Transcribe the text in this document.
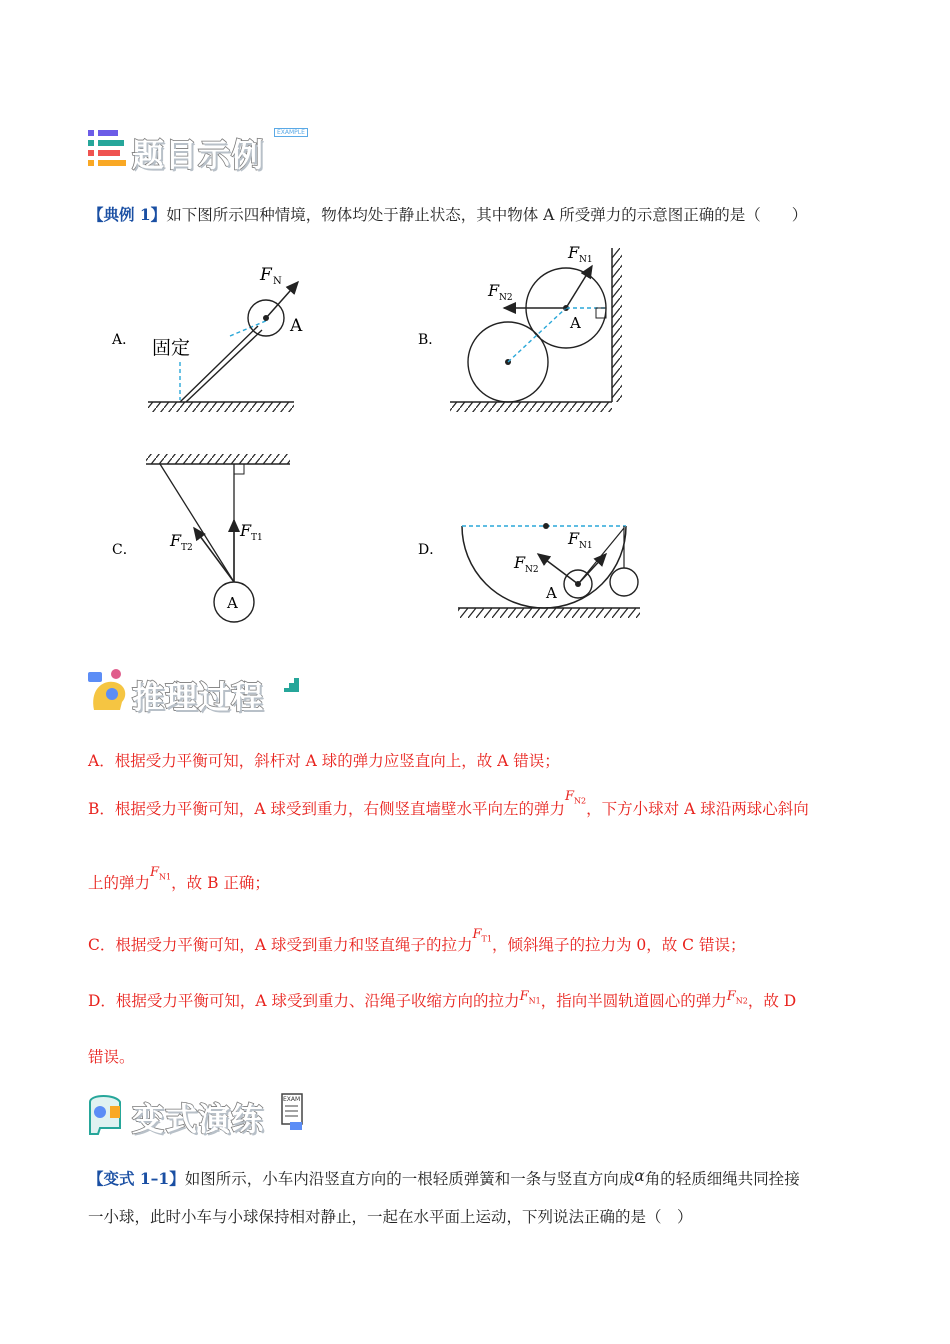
题目示例
EXAMPLE
【典例 1】如下图所示四种情境，物体均处于静止状态，其中物体 A 所受弹力的示意图正确的是（　　）
A． 固定
F N
A
B．
F N1
F N2
A
A
C．
F T1
F T2	D．
F N1
F N2
A
推理过程
A．根据受力平衡可知，斜杆对 A 球的弹力应竖直向上，故 A 错误；
B．根据受力平衡可知，A 球受到重力，右侧竖直墙壁水平向左的弹力$^{F_{N2}}$，下方小球对 A 球沿两球心斜向
上的弹力$^{F_{N1}}$，故 B 正确；
C．根据受力平衡可知，A 球受到重力和竖直绳子的拉力$^{F_{T1}}$，倾斜绳子的拉力为 0，故 C 错误；
D．根据受力平衡可知，A 球受到重力、沿绳子收缩方向的拉力$^{F_{N1}}$，指向半圆轨道圆心的弹力$^{F_{N2}}$，故 D
错误。
变式演练
EXAM
【变式 1–1】如图所示，小车内沿竖直方向的一根轻质弹簧和一条与竖直方向成α角的轻质细绳共同拴接
一小球，此时小车与小球保持相对静止，一起在水平面上运动，下列说法正确的是（　）
